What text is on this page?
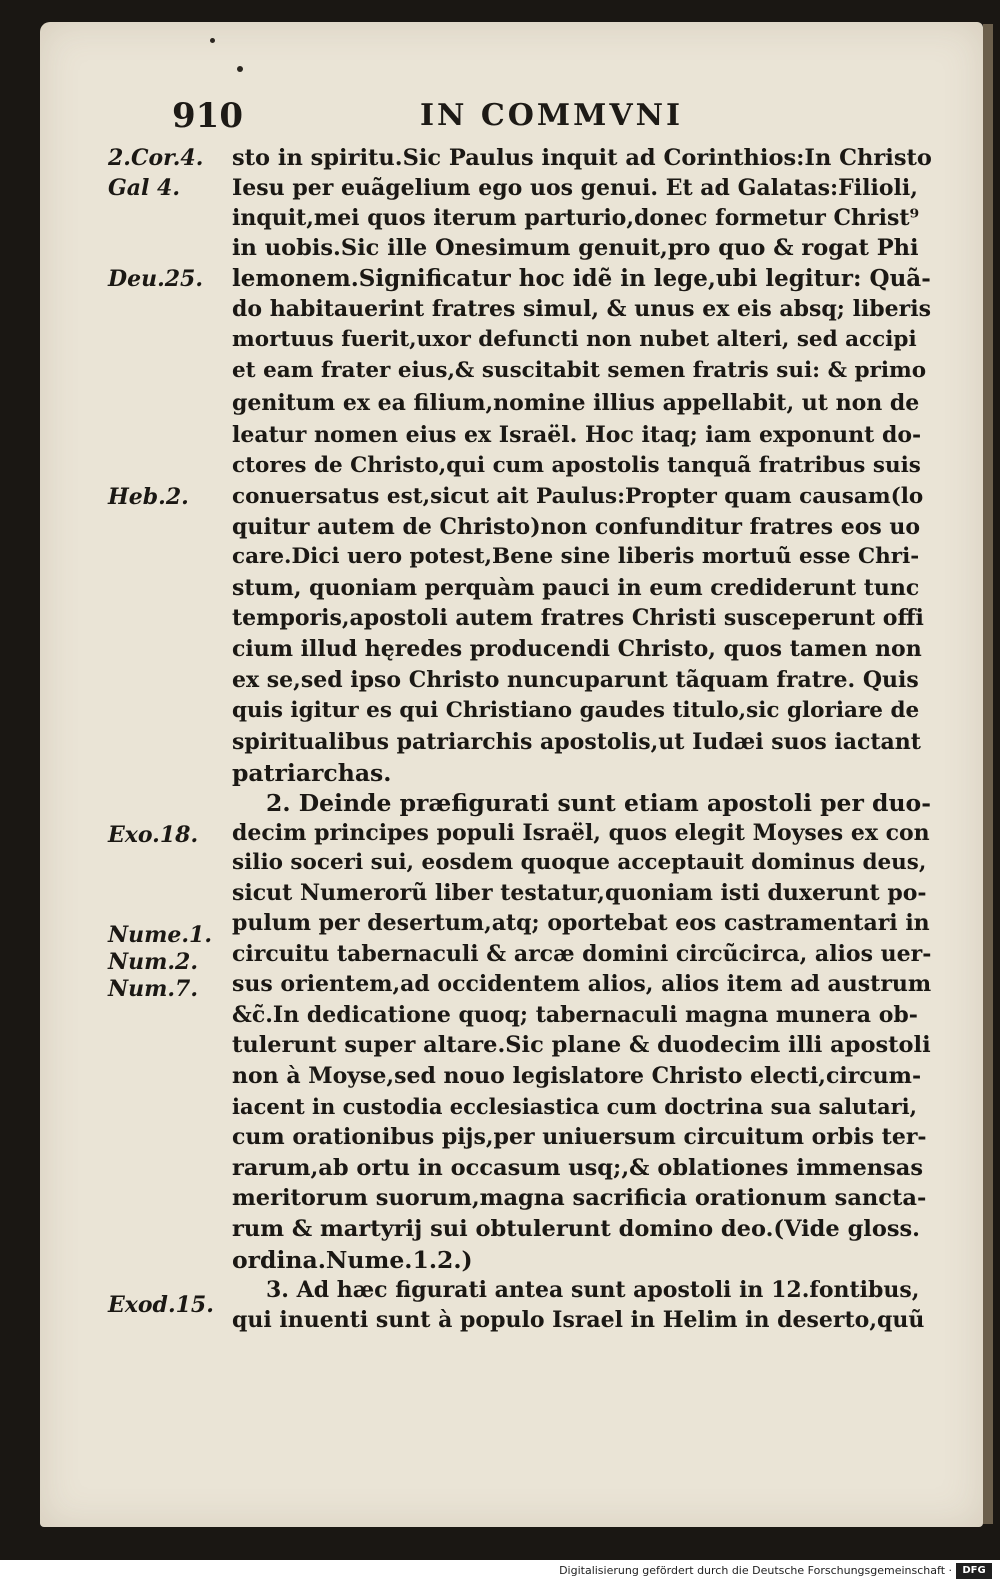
910	IN COMMVNI
2.Cor.4.
Gal 4.
Deu.25.
Heb.2.
Exo.18.
Nume.1.
Num.2.
Num.7.
Exod.15.
sto in spiritu.Sic Paulus inquit ad Corinthios:In Christo
Iesu per euãgelium ego uos genui. Et ad Galatas:Filioli,
inquit,mei quos iterum parturio,donec formetur Christ⁹
in uobis.Sic ille Onesimum genuit,pro quo & rogat Phi
lemonem.Significatur hoc idẽ in lege,ubi legitur: Quã-
do habitauerint fratres simul, & unus ex eis absq; liberis
mortuus fuerit,uxor defuncti non nubet alteri, sed accipi
et eam frater eius,& suscitabit semen fratris sui: & primo
genitum ex ea filium,nomine illius appellabit, ut non de
leatur nomen eius ex Israël. Hoc itaq; iam exponunt do-
ctores de Christo,qui cum apostolis tanquã fratribus suis
conuersatus est,sicut ait Paulus:Propter quam causam(lo
quitur autem de Christo)non confunditur fratres eos uo
care.Dici uero potest,Bene sine liberis mortuũ esse Chri-
stum, quoniam perquàm pauci in eum crediderunt tunc
temporis,apostoli autem fratres Christi susceperunt offi
cium illud hęredes producendi Christo, quos tamen non
ex se,sed ipso Christo nuncuparunt tãquam fratre. Quis
quis igitur es qui Christiano gaudes titulo,sic gloriare de
spiritualibus patriarchis apostolis,ut Iudæi suos iactant
patriarchas.
2. Deinde præfigurati sunt etiam apostoli per duo-
decim principes populi Israël, quos elegit Moyses ex con
silio soceri sui, eosdem quoque acceptauit dominus deus,
sicut Numerorũ liber testatur,quoniam isti duxerunt po-
pulum per desertum,atq; oportebat eos castramentari in
circuitu tabernaculi & arcæ domini circũcirca, alios uer-
sus orientem,ad occidentem alios, alios item ad austrum
&c̃.In dedicatione quoq; tabernaculi magna munera ob-
tulerunt super altare.Sic plane & duodecim illi apostoli
non à Moyse,sed nouo legislatore Christo electi,circum-
iacent in custodia ecclesiastica cum doctrina sua salutari,
cum orationibus pijs,per uniuersum circuitum orbis ter-
rarum,ab ortu in occasum usq;,& oblationes immensas
meritorum suorum,magna sacrificia orationum sancta-
rum & martyrij sui obtulerunt domino deo.(Vide gloss.
ordina.Nume.1.2.)
3. Ad hæc figurati antea sunt apostoli in 12.fontibus,
qui inuenti sunt à populo Israel in Helim in deserto,quũ
Digitalisierung gefördert durch die Deutsche Forschungsgemeinschaft ·	DFG
